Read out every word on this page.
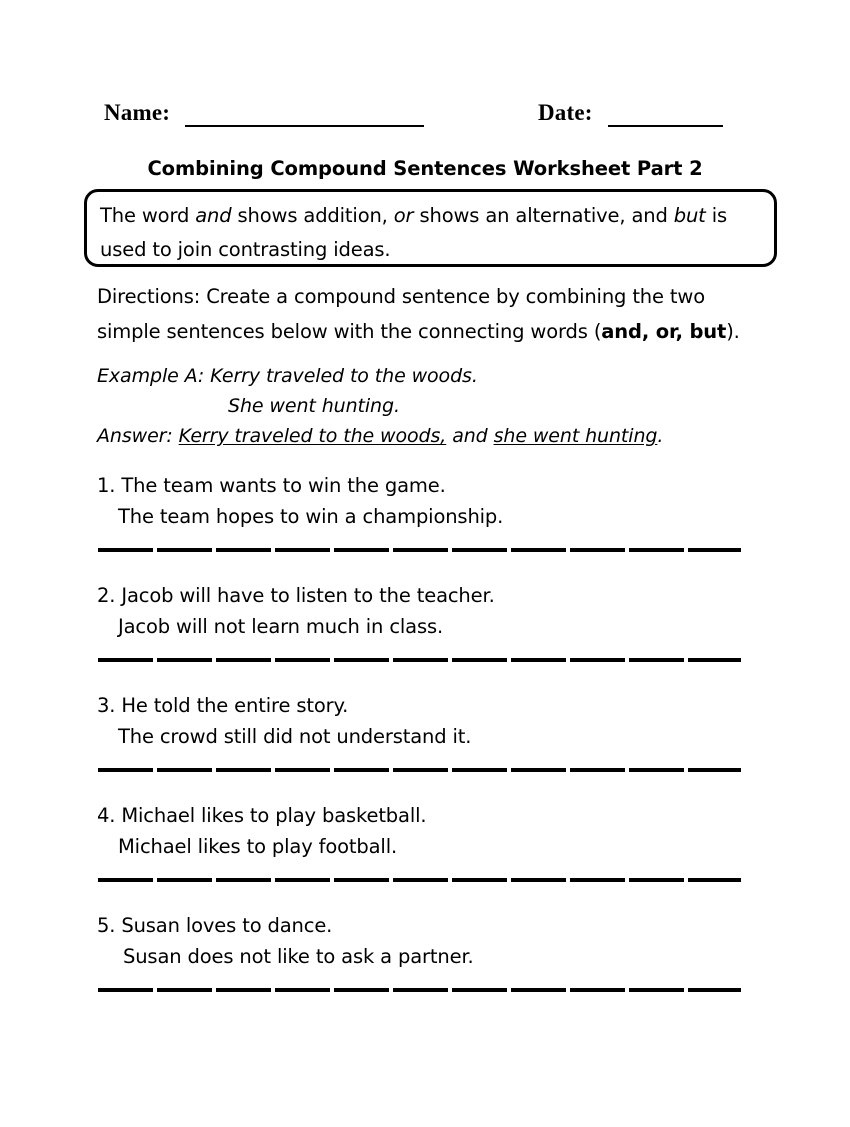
Name:	Date:
Combining Compound Sentences Worksheet Part 2
The word and shows addition, or shows an alternative, and but is used to join contrasting ideas.
Directions: Create a compound sentence by combining the two simple sentences below with the connecting words (and, or, but).
Example A: Kerry traveled to the woods.
She went hunting.
Answer: Kerry traveled to the woods, and she went hunting.
1. The team wants to win the game.
The team hopes to win a championship.
2. Jacob will have to listen to the teacher.
Jacob will not learn much in class.
3. He told the entire story.
The crowd still did not understand it.
4. Michael likes to play basketball.
Michael likes to play football.
5. Susan loves to dance.
Susan does not like to ask a partner.
